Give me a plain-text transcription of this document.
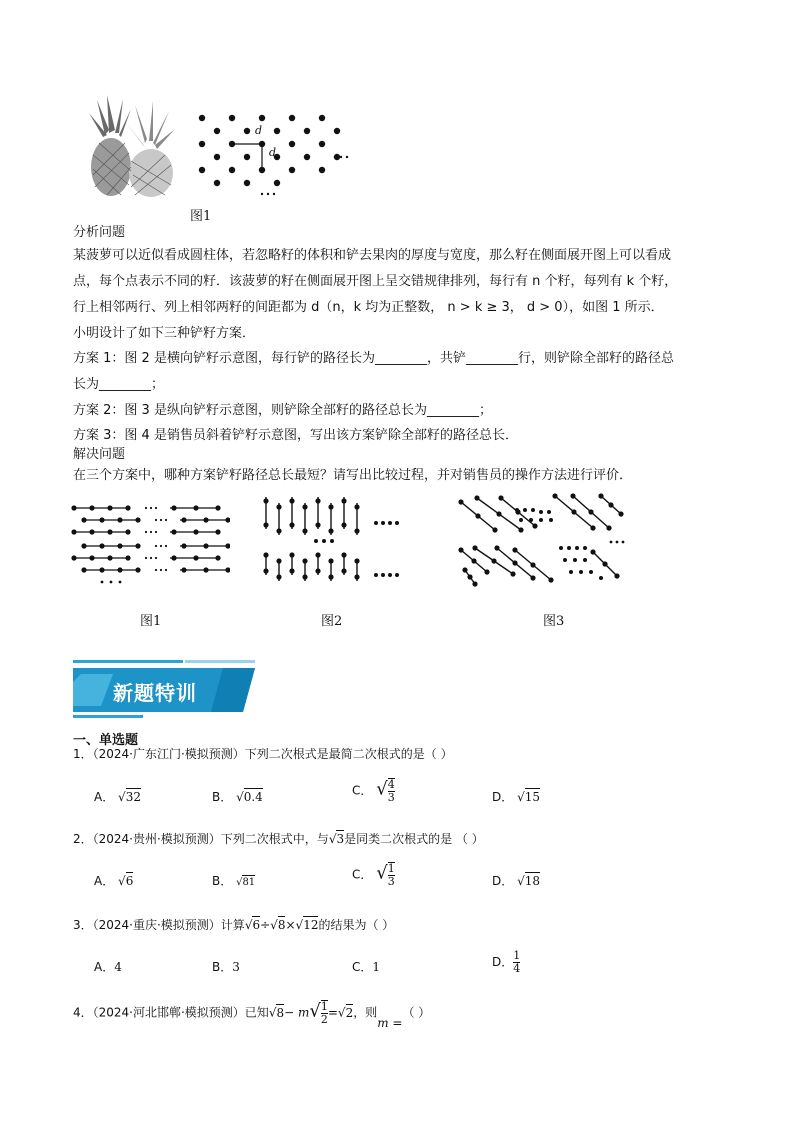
d
d
图1
分析问题
某菠萝可以近似看成圆柱体，若忽略籽的体积和铲去果肉的厚度与宽度，那么籽在侧面展开图上可以看成
点，每个点表示不同的籽．该菠萝的籽在侧面展开图上呈交错规律排列，每行有 n 个籽，每列有 k 个籽，
行上相邻两行、列上相邻两籽的间距都为 d（n，k 均为正整数， n > k ≥ 3， d > 0），如图 1 所示．
小明设计了如下三种铲籽方案．
方案 1：图 2 是横向铲籽示意图，每行铲的路径长为________，共铲________行，则铲除全部籽的路径总
长为________；
方案 2：图 3 是纵向铲籽示意图，则铲除全部籽的路径总长为________；
方案 3：图 4 是销售员斜着铲籽示意图，写出该方案铲除全部籽的路径总长．
解决问题
在三个方案中，哪种方案铲籽路径总长最短？请写出比较过程，并对销售员的操作方法进行评价．
图1	图2	图3
新题特训
一、单选题
1．（2024·广东江门·模拟预测）下列二次根式是最简二次根式的是（ ）
A． √32	B． √0.4	C． √ $\frac{4}{3}$	D． √15
2．（2024·贵州·模拟预测）下列二次根式中，与√3是同类二次根式的是 （ ）
A． √6	B． √81
C． √ $\frac{1}{3}$	D． √18
3．（2024·重庆·模拟预测）计算√6÷√8×√12的结果为（ ）
A．4	B．3	C．1	D． $\frac{1}{4}$
4．（2024·河北邯郸·模拟预测）已知$√8- m√ \frac{1}{2} =√2$，则m =（ ）
